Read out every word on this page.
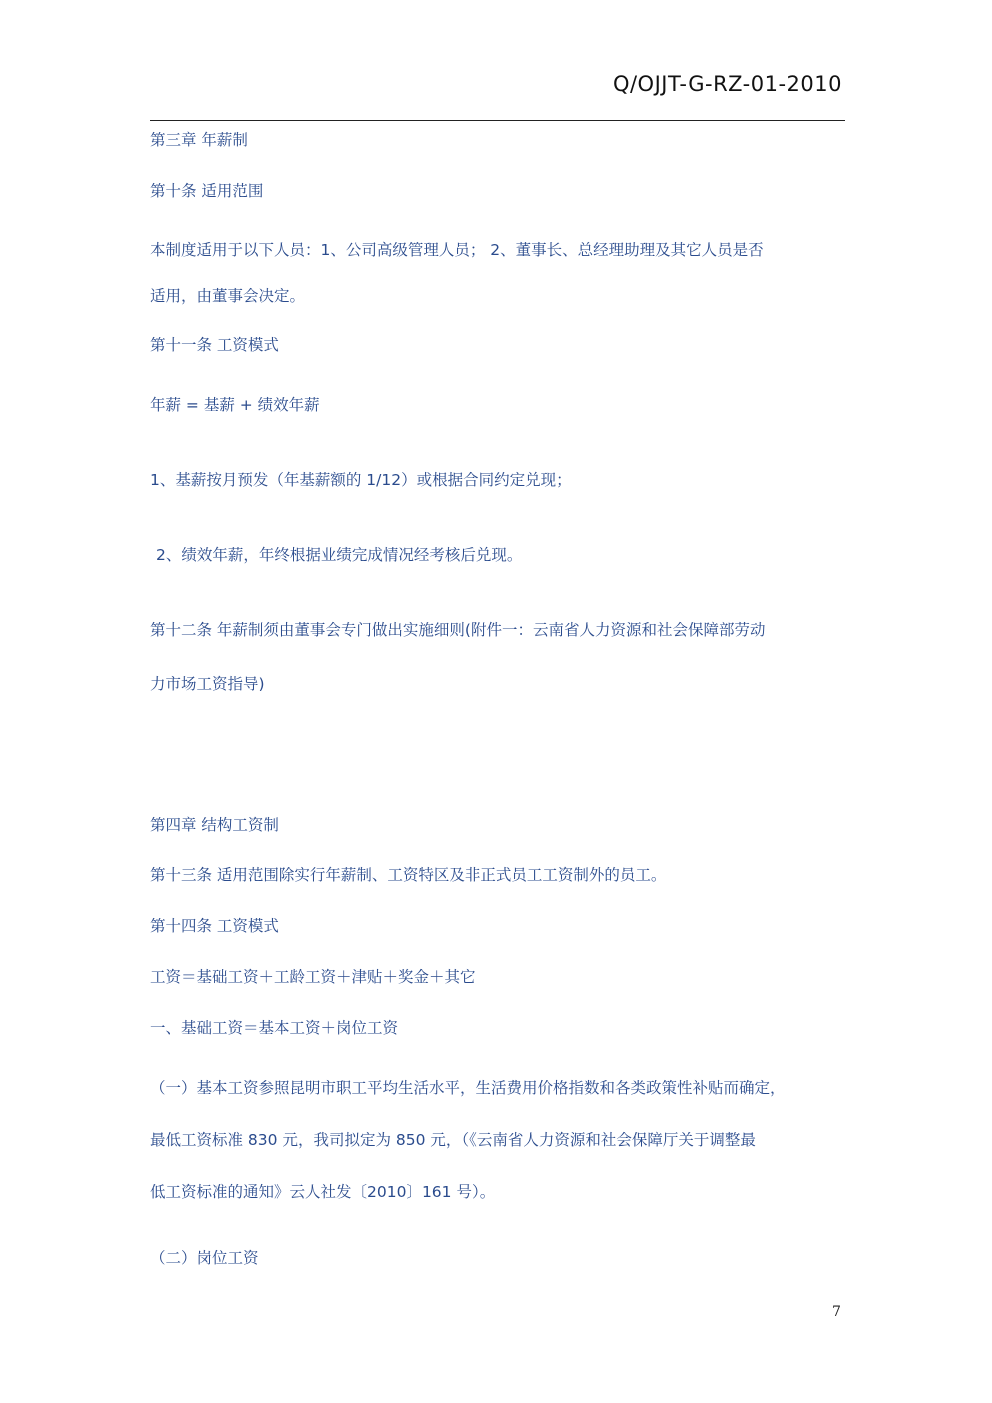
Q/OJJT-G-RZ-01-2010
第三章 年薪制
第十条 适用范围
本制度适用于以下人员：1、公司高级管理人员； 2、董事长、总经理助理及其它人员是否
适用，由董事会决定。
第十一条 工资模式
年薪 = 基薪 + 绩效年薪
1、基薪按月预发（年基薪额的 1/12）或根据合同约定兑现；
2、绩效年薪，年终根据业绩完成情况经考核后兑现。
第十二条 年薪制须由董事会专门做出实施细则(附件一：云南省人力资源和社会保障部劳动
力市场工资指导)
第四章 结构工资制
第十三条 适用范围除实行年薪制、工资特区及非正式员工工资制外的员工。
第十四条 工资模式
工资＝基础工资＋工龄工资＋津贴＋奖金＋其它
一、基础工资＝基本工资＋岗位工资
（一）基本工资参照昆明市职工平均生活水平，生活费用价格指数和各类政策性补贴而确定，
最低工资标准 830 元，我司拟定为 850 元，（《云南省人力资源和社会保障厅关于调整最
低工资标准的通知》云人社发〔2010〕161 号）。
（二）岗位工资
7
